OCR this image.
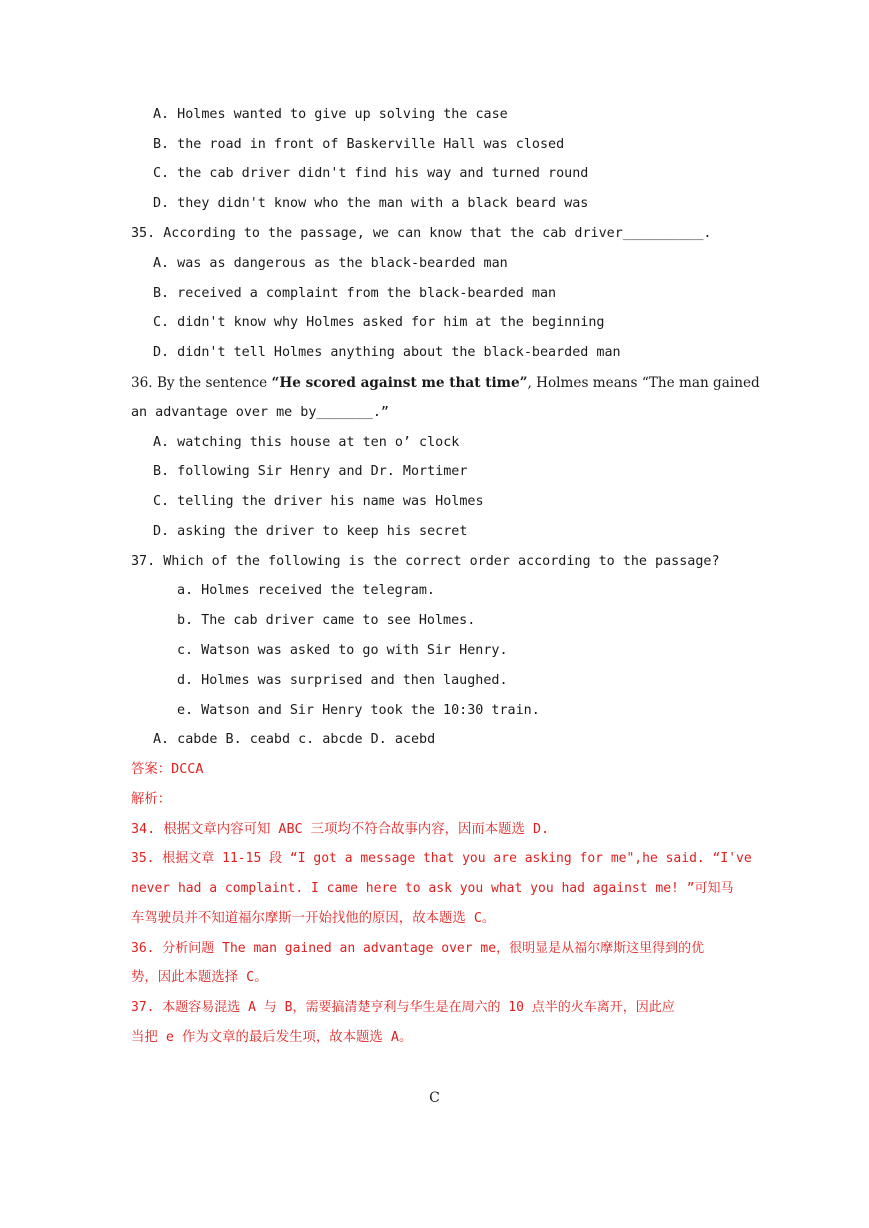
A. Holmes wanted to give up solving the case
B. the road in front of Baskerville Hall was closed
C. the cab driver didn't find his way and turned round
D. they didn't know who the man with a black beard was
35. According to the passage, we can know that the cab driver__________.
A. was as dangerous as the black-bearded man
B. received a complaint from the black-bearded man
C. didn't know why Holmes asked for him at the beginning
D. didn't tell Holmes anything about the black-bearded man
36. By the sentence “He scored against me that time”, Holmes means “The man gained
an advantage over me by_______.”
A. watching this house at ten o’ clock
B. following Sir Henry and Dr. Mortimer
C. telling the driver his name was Holmes
D. asking the driver to keep his secret
37. Which of the following is the correct order according to the passage?
a. Holmes received the telegram.
b. The cab driver came to see Holmes.
c. Watson was asked to go with Sir Henry.
d. Holmes was surprised and then laughed.
e. Watson and Sir Henry took the 10:30 train.
A. cabde B. ceabd c. abcde D. acebd
答案：DCCA
解析：
34. 根据文章内容可知 ABC 三项均不符合故事内容，因而本题选 D.
35. 根据文章 11-15 段 “I got a message that you are asking for me",he said. “I've
never had a complaint. I came here to ask you what you had against me! ”可知马
车驾驶员并不知道福尔摩斯一开始找他的原因，故本题选 C。
36. 分析问题 The man gained an advantage over me，很明显是从福尔摩斯这里得到的优
势，因此本题选择 C。
37. 本题容易混选 A 与 B，需要搞清楚亨利与华生是在周六的 10 点半的火车离开，因此应
当把 e 作为文章的最后发生项，故本题选 A。
C
